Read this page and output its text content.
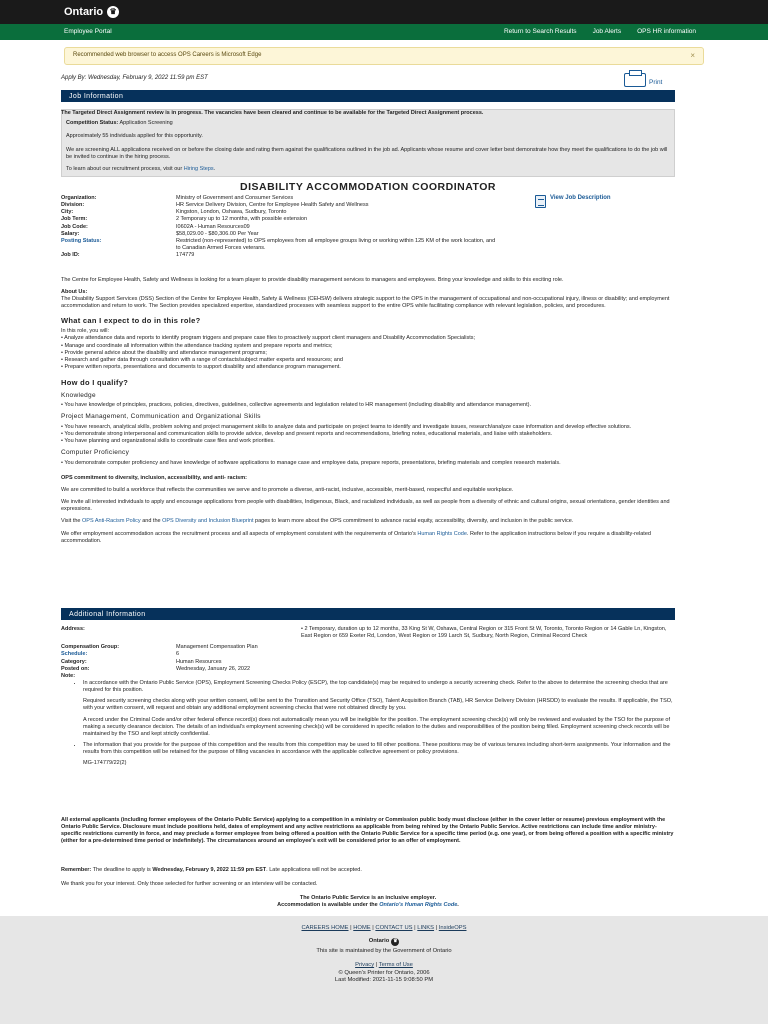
Ontario ♛
Employee Portal	Return to Search Results Job Alerts OPS HR information
Recommended web browser to access OPS Careers is Microsoft Edge	×
Apply By: Wednesday, February 9, 2022 11:59 pm EST
Print
Job Information
The Targeted Direct Assignment review is in progress. The vacancies have been cleared and continue to be available for the Targeted Direct Assignment process.

Competition Status: Application Screening

Approximately 55 individuals applied for this opportunity.

We are screening ALL applications received on or before the closing date and rating them against the qualifications outlined in the job ad. Applicants whose resume and cover letter best demonstrate how they meet the qualifications to do the job will be invited to continue in the hiring process.

To learn about our recruitment process, visit our Hiring Steps.

DISABILITY ACCOMMODATION COORDINATOR
Organization:	Ministry of Government and Consumer Services
Division:	HR Service Delivery Division, Centre for Employee Health Safety and Wellness
City:	Kingston, London, Oshawa, Sudbury, Toronto
Job Term:	2 Temporary up to 12 months, with possible extension
Job Code:	I0602A - Human Resources09
Salary:	$58,029.00 - $80,306.00 Per Year
Posting Status:	Restricted (non-represented) to OPS employees from all employee groups living or working within 125 KM of the work location, and to Canadian Armed Forces veterans.
Job ID:	174779
View Job Description

The Centre for Employee Health, Safety and Wellness is looking for a team player to provide disability management services to managers and employees. Bring your knowledge and skills to this exciting role.

About Us:

The Disability Support Services (DSS) Section of the Centre for Employee Health, Safety & Wellness (CEHSW) delivers strategic support to the OPS in the management of occupational and non-occupational injury, illness or disability; and employment accommodation and return to work. The Section provides specialized expertise, standardized processes with seamless support to the entire OPS while facilitating compliance with relevant legislation, policies, and procedures.

What can I expect to do in this role?
In this role, you will:
• Analyze attendance data and reports to identify program triggers and prepare case files to proactively support client managers and Disability Accommodation Specialists;
• Manage and coordinate all information within the attendance tracking system and prepare reports and metrics;
• Provide general advice about the disability and attendance management programs;
• Research and gather data through consultation with a range of contacts/subject matter experts and resources; and
• Prepare written reports, presentations and documents to support disability and attendance program management.
How do I qualify?
Knowledge
• You have knowledge of principles, practices, policies, directives, guidelines, collective agreements and legislation related to HR management (including disability and attendance management).
Project Management, Communication and Organizational Skills
• You have research, analytical skills, problem solving and project management skills to analyze data and participate on project teams to identify and investigate issues, research/analyze case information and develop effective solutions.
• You demonstrate strong interpersonal and communication skills to provide advice, develop and present reports and recommendations, briefing notes, educational materials, and liaise with stakeholders.
• You have planning and organizational skills to coordinate case files and work priorities.
Computer Proficiency
• You demonstrate computer proficiency and have knowledge of software applications to manage case and employee data, prepare reports, presentations, briefing materials and complex research materials.

OPS commitment to diversity, inclusion, accessibility, and anti- racism:

We are committed to build a workforce that reflects the communities we serve and to promote a diverse, anti-racist, inclusive, accessible, merit-based, respectful and equitable workplace.

We invite all interested individuals to apply and encourage applications from people with disabilities, Indigenous, Black, and racialized individuals, as well as people from a diversity of ethnic and cultural origins, sexual orientations, gender identities and expressions.

Visit the OPS Anti-Racism Policy and the OPS Diversity and Inclusion Blueprint pages to learn more about the OPS commitment to advance racial equity, accessibility, diversity, and inclusion in the public service.

We offer employment accommodation across the recruitment process and all aspects of employment consistent with the requirements of Ontario's Human Rights Code. Refer to the application instructions below if you require a disability-related accommodation.

Additional Information
Address:	• 2 Temporary, duration up to 12 months, 33 King St W, Oshawa, Central Region or 315 Front St W, Toronto, Toronto Region or 14 Gable Ln, Kingston, East Region or 659 Exeter Rd, London, West Region or 199 Larch St, Sudbury, North Region, Criminal Record Check
Compensation Group:	Management Compensation Plan
Schedule:	6
Category:	Human Resources
Posted on:	Wednesday, January 26, 2022
Note:
• In accordance with the Ontario Public Service (OPS), Employment Screening Checks Policy (ESCP), the top candidate(s) may be required to undergo a security screening check. Refer to the above to determine the screening checks that are required for this position.

Required security screening checks along with your written consent, will be sent to the Transition and Security Office (TSO), Talent Acquisition Branch (TAB), HR Service Delivery Division (HRSDD) to evaluate the results. If applicable, the TSO, with your written consent, will request and obtain any additional employment screening checks that were not obtained directly by you.

A record under the Criminal Code and/or other federal offence record(s) does not automatically mean you will be ineligible for the position. The employment screening check(s) will only be reviewed and evaluated by the TSO for the purpose of making a security clearance decision. The details of an individual's employment screening check(s) will be considered in specific relation to the duties and responsibilities of the position being filled. Employment screening check records will be maintained by the TSO and kept strictly confidential.

• The information that you provide for the purpose of this competition and the results from this competition may be used to fill other positions. These positions may be of various tenures including short-term assignments. Your information and the results from this competition will be retained for the purpose of filling vacancies in accordance with the applicable collective agreement or policy provisions.
MG-174779/22(2)
All external applicants (including former employees of the Ontario Public Service) applying to a competition in a ministry or Commission public body must disclose (either in the cover letter or resume) previous employment with the Ontario Public Service. Disclosure must include positions held, dates of employment and any active restrictions as applicable from being rehired by the Ontario Public Service. Active restrictions can include time and/or ministry-specific restrictions currently in force, and may preclude a former employee from being offered a position with the Ontario Public Service for a specific time period (e.g. one year), or from being offered a position with a specific ministry (either for a pre-determined time period or indefinitely). The circumstances around an employee's exit will be considered prior to an offer of employment.
Remember: The deadline to apply is Wednesday, February 9, 2022 11:59 pm EST. Late applications will not be accepted.
We thank you for your interest. Only those selected for further screening or an interview will be contacted.
The Ontario Public Service is an inclusive employer.
Accommodation is available under the Ontario's Human Rights Code.
CAREERS HOME | HOME | CONTACT US | LINKS | InsideOPS
Ontario ♛
This site is maintained by the Government of Ontario
Privacy | Terms of Use
© Queen's Printer for Ontario, 2006
Last Modified: 2021-11-15 9:08:50 PM
